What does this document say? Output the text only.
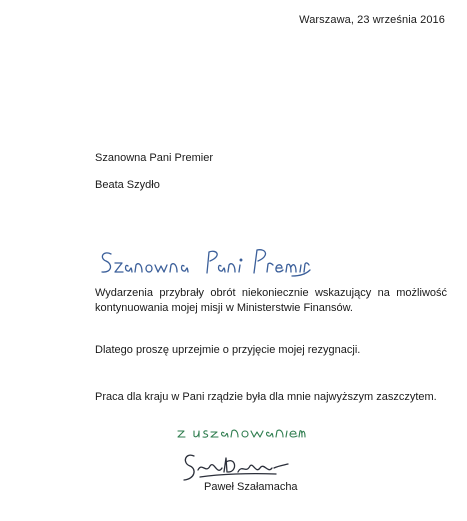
Warszawa, 23 września 2016
Szanowna Pani Premier
Beata Szydło
Wydarzenia przybrały obrót niekoniecznie wskazujący na możliwość kontynuowania mojej misji w Ministerstwie Finansów.
Dlatego proszę uprzejmie o przyjęcie mojej rezygnacji.
Praca dla kraju w Pani rządzie była dla mnie najwyższym zaszczytem.
Paweł Szałamacha
